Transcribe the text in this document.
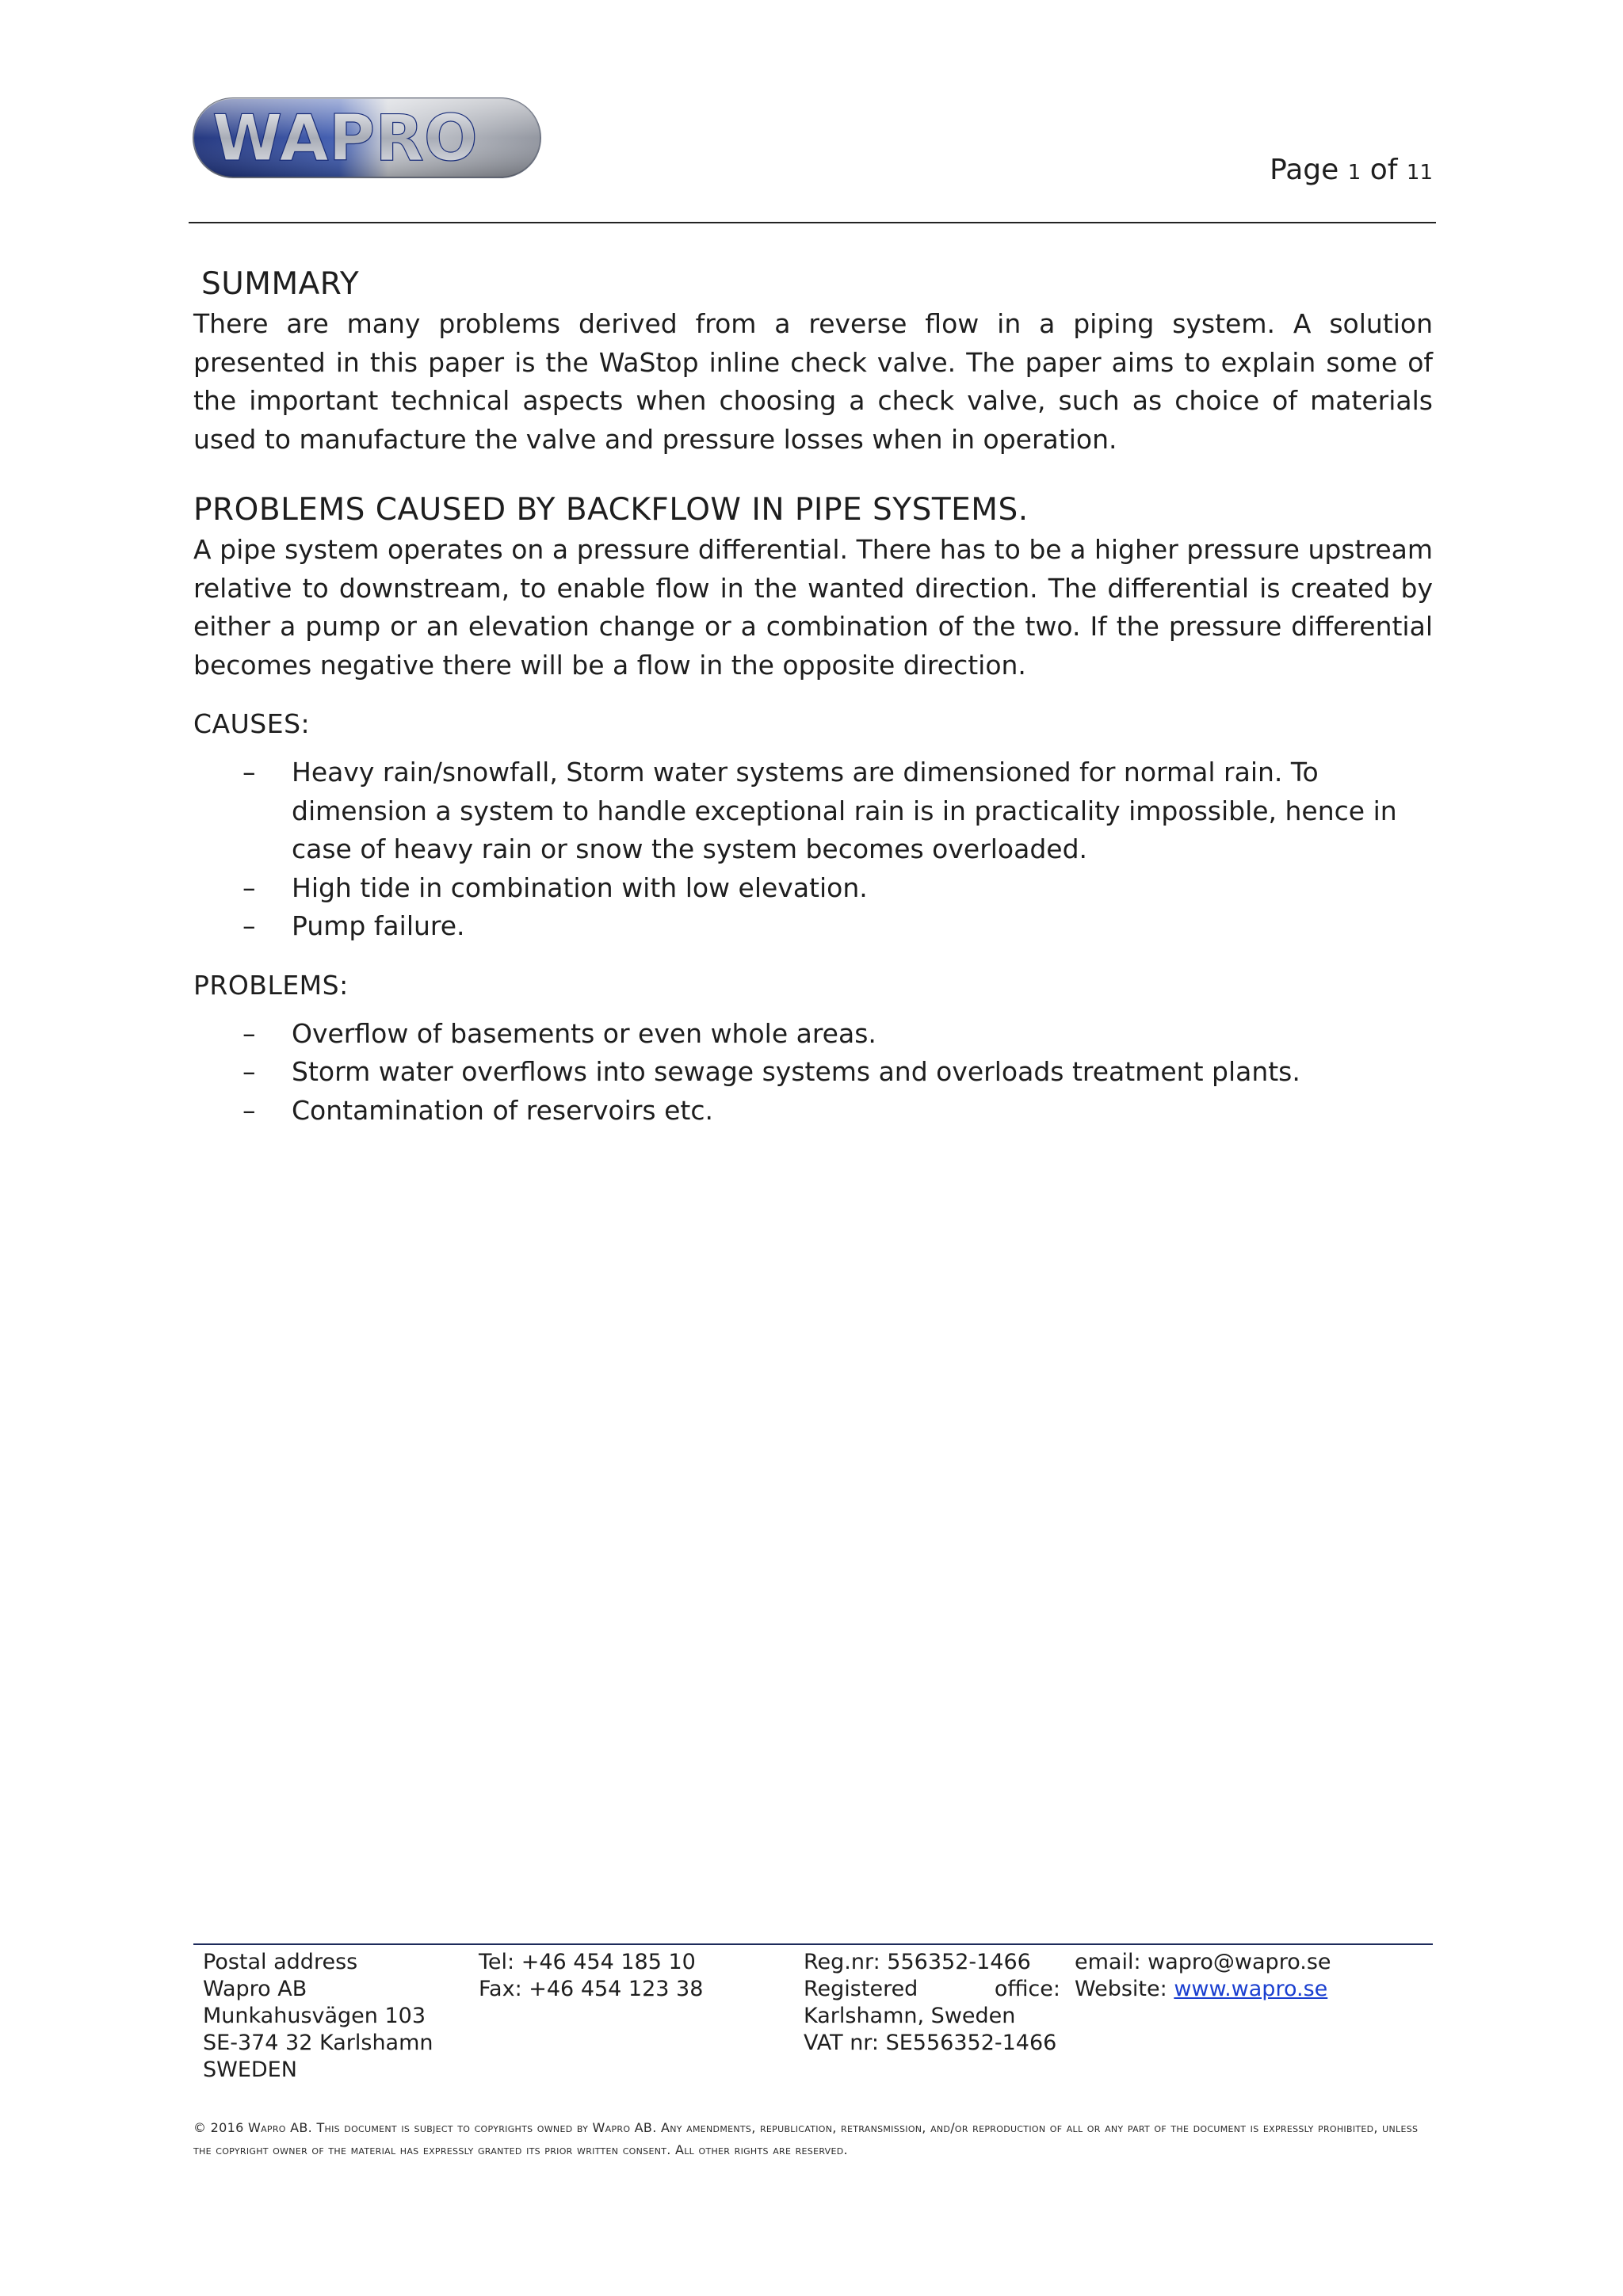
WAPRO	Page 1 of 11
SUMMARY

There are many problems derived from a reverse flow in a piping system. A solution presented in this paper is the WaStop inline check valve. The paper aims to explain some of the important technical aspects when choosing a check valve, such as choice of materials used to manufacture the valve and pressure losses when in operation.

PROBLEMS CAUSED BY BACKFLOW IN PIPE SYSTEMS.

A pipe system operates on a pressure differential. There has to be a higher pressure upstream relative to downstream, to enable flow in the wanted direction. The differential is created by either a pump or an elevation change or a combination of the two. If the pressure differential becomes negative there will be a flow in the opposite direction.

CAUSES:
– Heavy rain/snowfall, Storm water systems are dimensioned for normal rain. To dimension a system to handle exceptional rain is in practicality impossible, hence in case of heavy rain or snow the system becomes overloaded.
– High tide in combination with low elevation.
– Pump failure.
PROBLEMS:
– Overflow of basements or even whole areas.
– Storm water overflows into sewage systems and overloads treatment plants.
– Contamination of reservoirs etc.
Postal address
Wapro AB
Munkahusvägen 103
SE-374 32 Karlshamn
SWEDEN
Tel: +46 454 185 10
Fax: +46 454 123 38
Reg.nr: 556352-1466
Registered	office:
Karlshamn, Sweden
VAT nr: SE556352-1466
email: wapro@wapro.se
Website: www.wapro.se
© 2016 Wapro AB. This document is subject to copyrights owned by Wapro AB. Any amendments, republication, retransmission, and/or reproduction of all or any part of the document is expressly prohibited, unless the copyright owner of the material has expressly granted its prior written consent. All other rights are reserved.
